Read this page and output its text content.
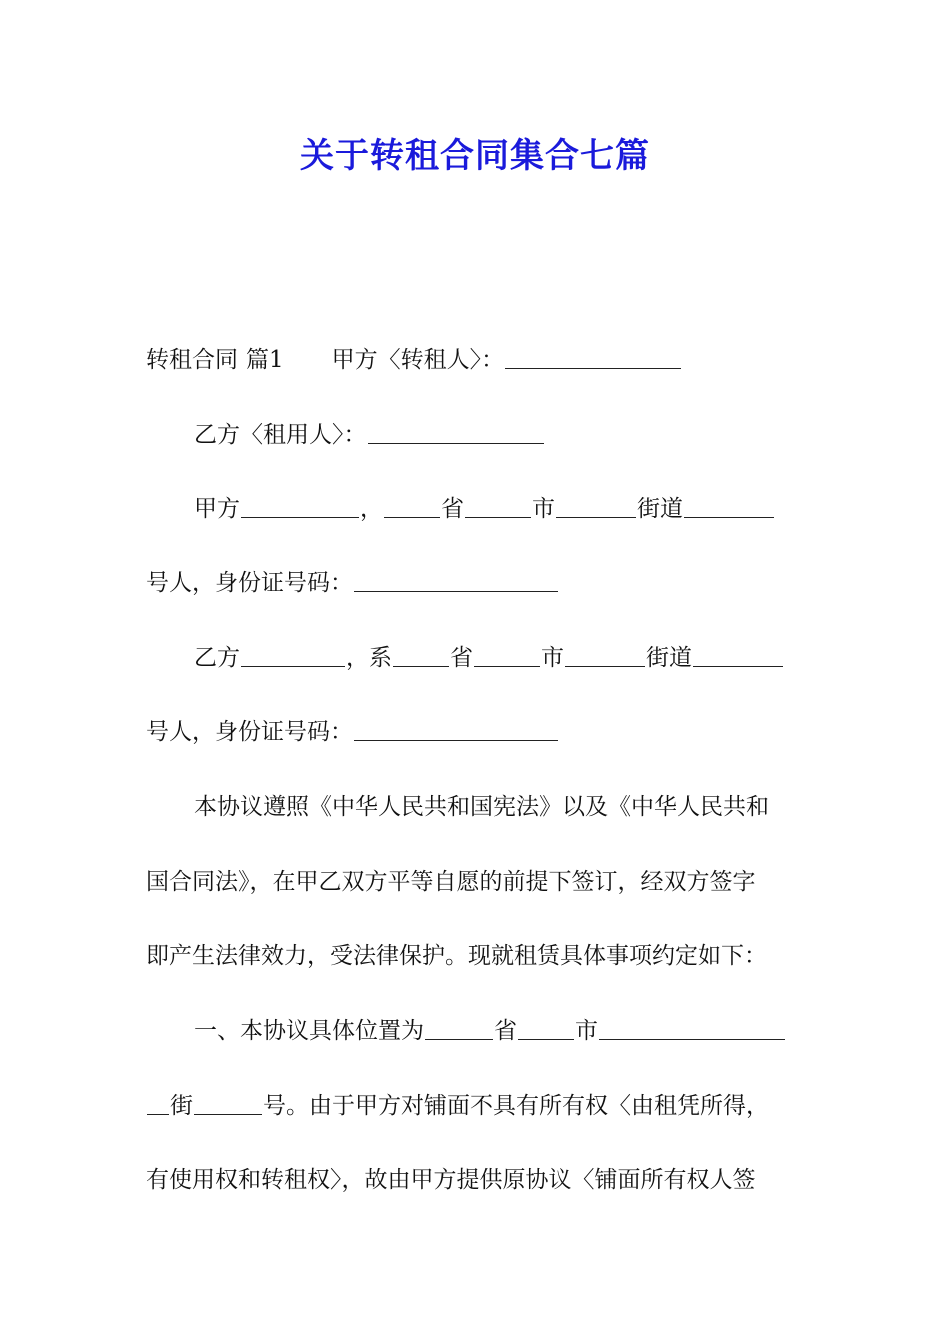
关于转租合同集合七篇
转租合同 篇1 甲方〈转租人〉：
乙方〈租用人〉：
甲方	，	省	市	街道
号人，身份证号码：
乙方	，系	省	市	街道
号人，身份证号码：
本协议遵照《中华人民共和国宪法》以及《中华人民共和
国合同法》，在甲乙双方平等自愿的前提下签订，经双方签字
即产生法律效力，受法律保护。现就租赁具体事项约定如下：
一、本协议具体位置为	省	市
街	号。由于甲方对铺面不具有所有权〈由租凭所得，
有使用权和转租权〉，故由甲方提供原协议〈铺面所有权人签
